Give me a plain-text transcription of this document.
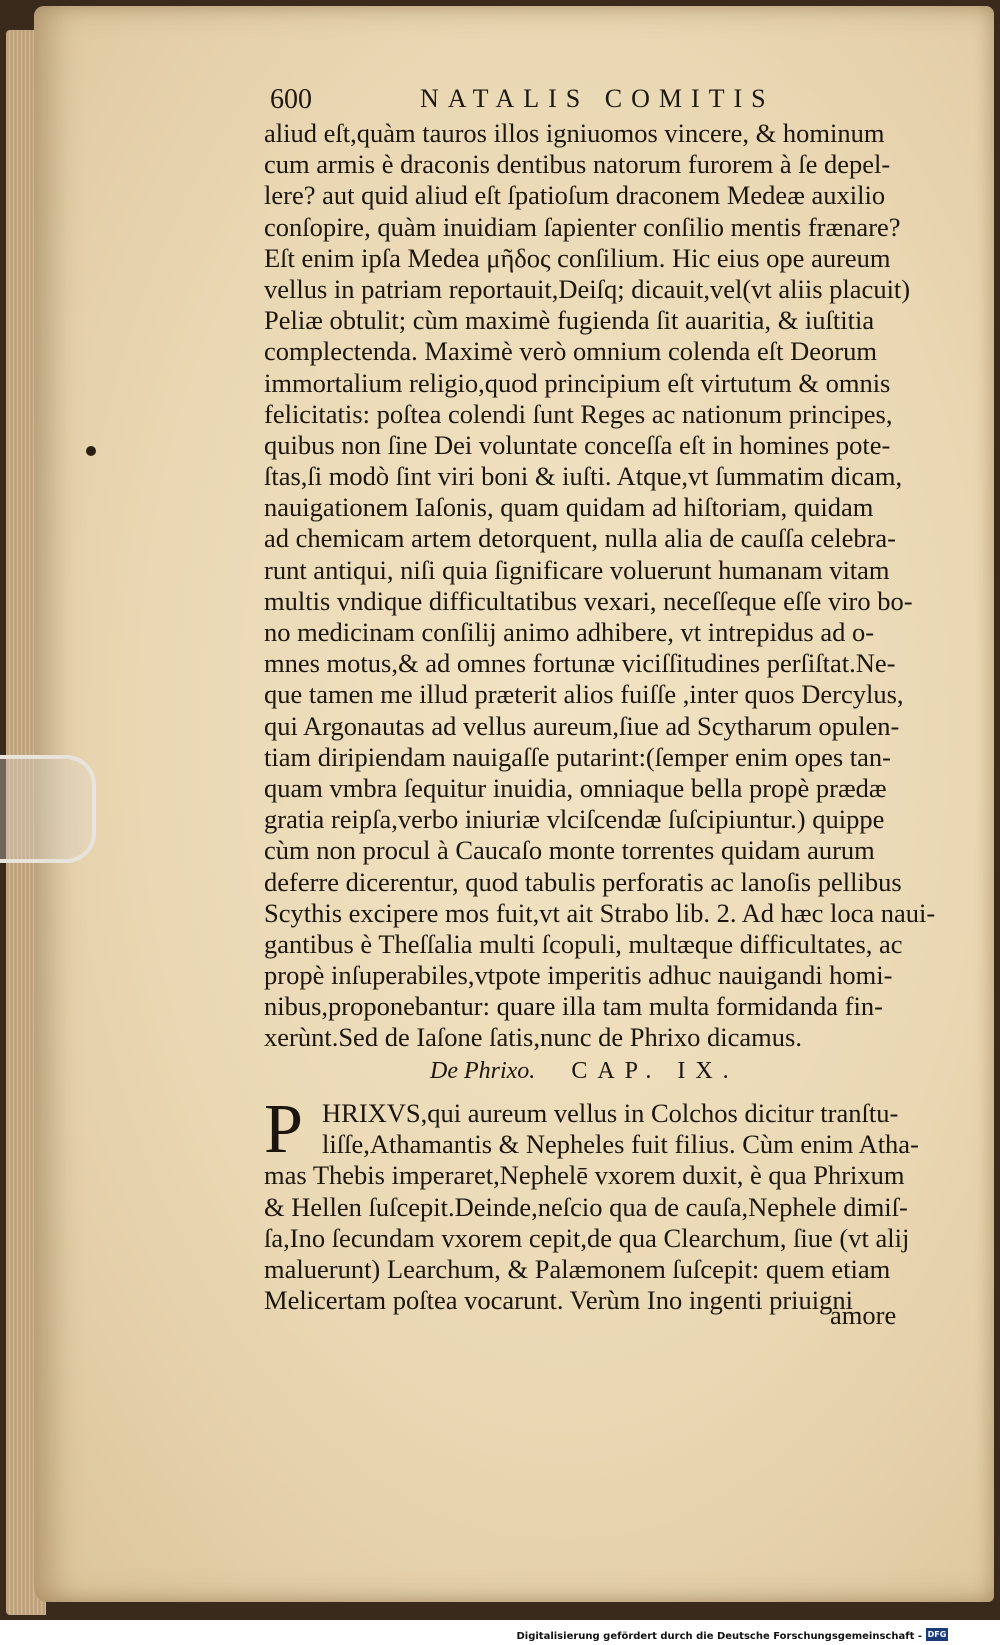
600	NATALIS COMITIS
aliud eſt,quàm tauros illos igniuomos vincere, & hominum
cum armis è draconis dentibus natorum furorem à ſe depel-
lere? aut quid aliud eſt ſpatioſum draconem Medeæ auxilio
conſopire, quàm inuidiam ſapienter conſilio mentis frænare?
Eſt enim ipſa Medea μῆδος conſilium. Hic eius ope aureum
vellus in patriam reportauit,Deiſq; dicauit,vel(vt aliis placuit)
Peliæ obtulit; cùm maximè fugienda ſit auaritia, & iuſtitia
complectenda. Maximè verò omnium colenda eſt Deorum
immortalium religio,quod principium eſt virtutum & omnis
felicitatis: poſtea colendi ſunt Reges ac nationum principes,
quibus non ſine Dei voluntate conceſſa eſt in homines pote-
ſtas,ſi modò ſint viri boni & iuſti. Atque,vt ſummatim dicam,
nauigationem Iaſonis, quam quidam ad hiſtoriam, quidam
ad chemicam artem detorquent, nulla alia de cauſſa celebra-
runt antiqui, niſi quia ſignificare voluerunt humanam vitam
multis vndique difficultatibus vexari, neceſſeque eſſe viro bo-
no medicinam conſilij animo adhibere, vt intrepidus ad o-
mnes motus,& ad omnes fortunæ viciſſitudines perſiſtat.Ne-
que tamen me illud præterit alios fuiſſe ,inter quos Dercylus,
qui Argonautas ad vellus aureum,ſiue ad Scytharum opulen-
tiam diripiendam nauigaſſe putarint:(ſemper enim opes tan-
quam vmbra ſequitur inuidia, omniaque bella propè prædæ
gratia reipſa,verbo iniuriæ vlciſcendæ ſuſcipiuntur.) quippe
cùm non procul à Caucaſo monte torrentes quidam aurum
deferre dicerentur, quod tabulis perforatis ac lanoſis pellibus
Scythis excipere mos fuit,vt ait Strabo lib. 2. Ad hæc loca naui-
gantibus è Theſſalia multi ſcopuli, multæque difficultates, ac
propè inſuperabiles,vtpote imperitis adhuc nauigandi homi-
nibus,proponebantur: quare illa tam multa formidanda fin-
xerùnt.Sed de Iaſone ſatis,nunc de Phrixo dicamus.
De Phrixo. CAP. IX.
P HRIXVS,qui aureum vellus in Colchos dicitur tranſtu-
liſſe,Athamantis & Nepheles fuit filius. Cùm enim Atha-
mas Thebis imperaret,Nephelē vxorem duxit, è qua Phrixum
& Hellen ſuſcepit.Deinde,neſcio qua de cauſa,Nephele dimiſ-
ſa,Ino ſecundam vxorem cepit,de qua Clearchum, ſiue (vt alij
maluerunt) Learchum, & Palæmonem ſuſcepit: quem etiam
Melicertam poſtea vocarunt. Verùm Ino ingenti priuigni
amore
Digitalisierung gefördert durch die Deutsche Forschungsgemeinschaft - DFG
